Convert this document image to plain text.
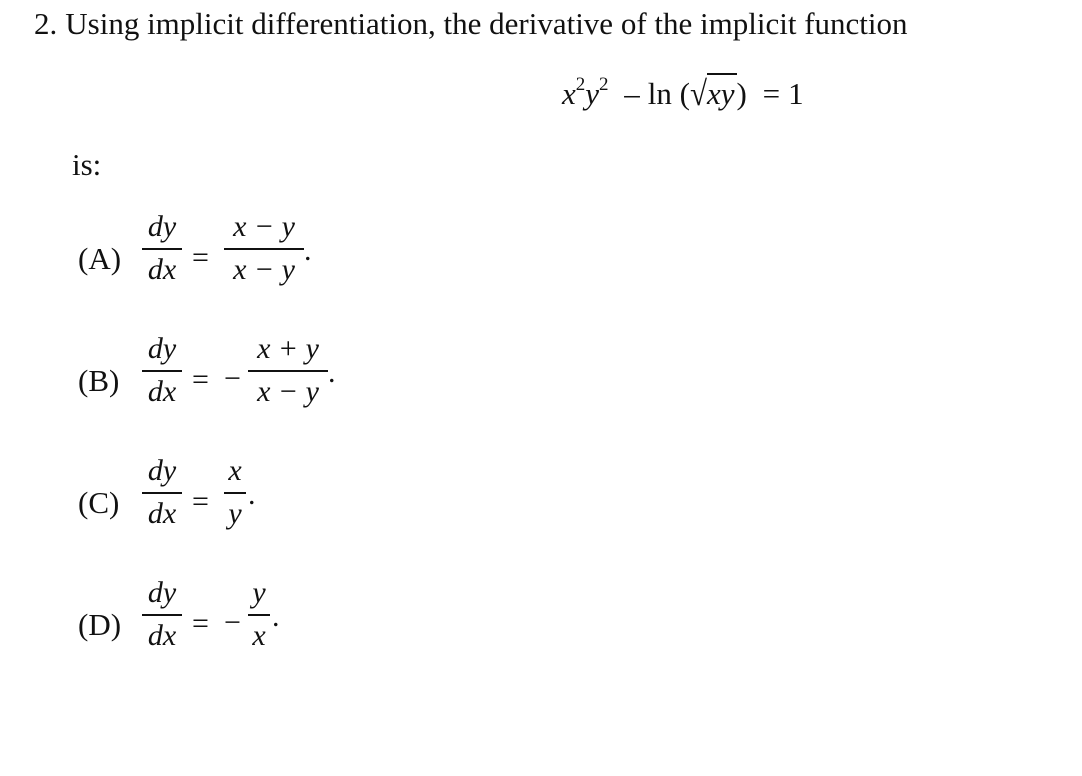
2. Using implicit differentiation, the derivative of the implicit function
$x^2y^2 - \ln (√xy) = 1$
is:
(A)
dy
dx =
x − y
x − y
.
(B)
dy
dx = −
x + y
x − y
.
(C)
dy
dx =
x
y
.
(D)
dy
dx = −
y
x
.
